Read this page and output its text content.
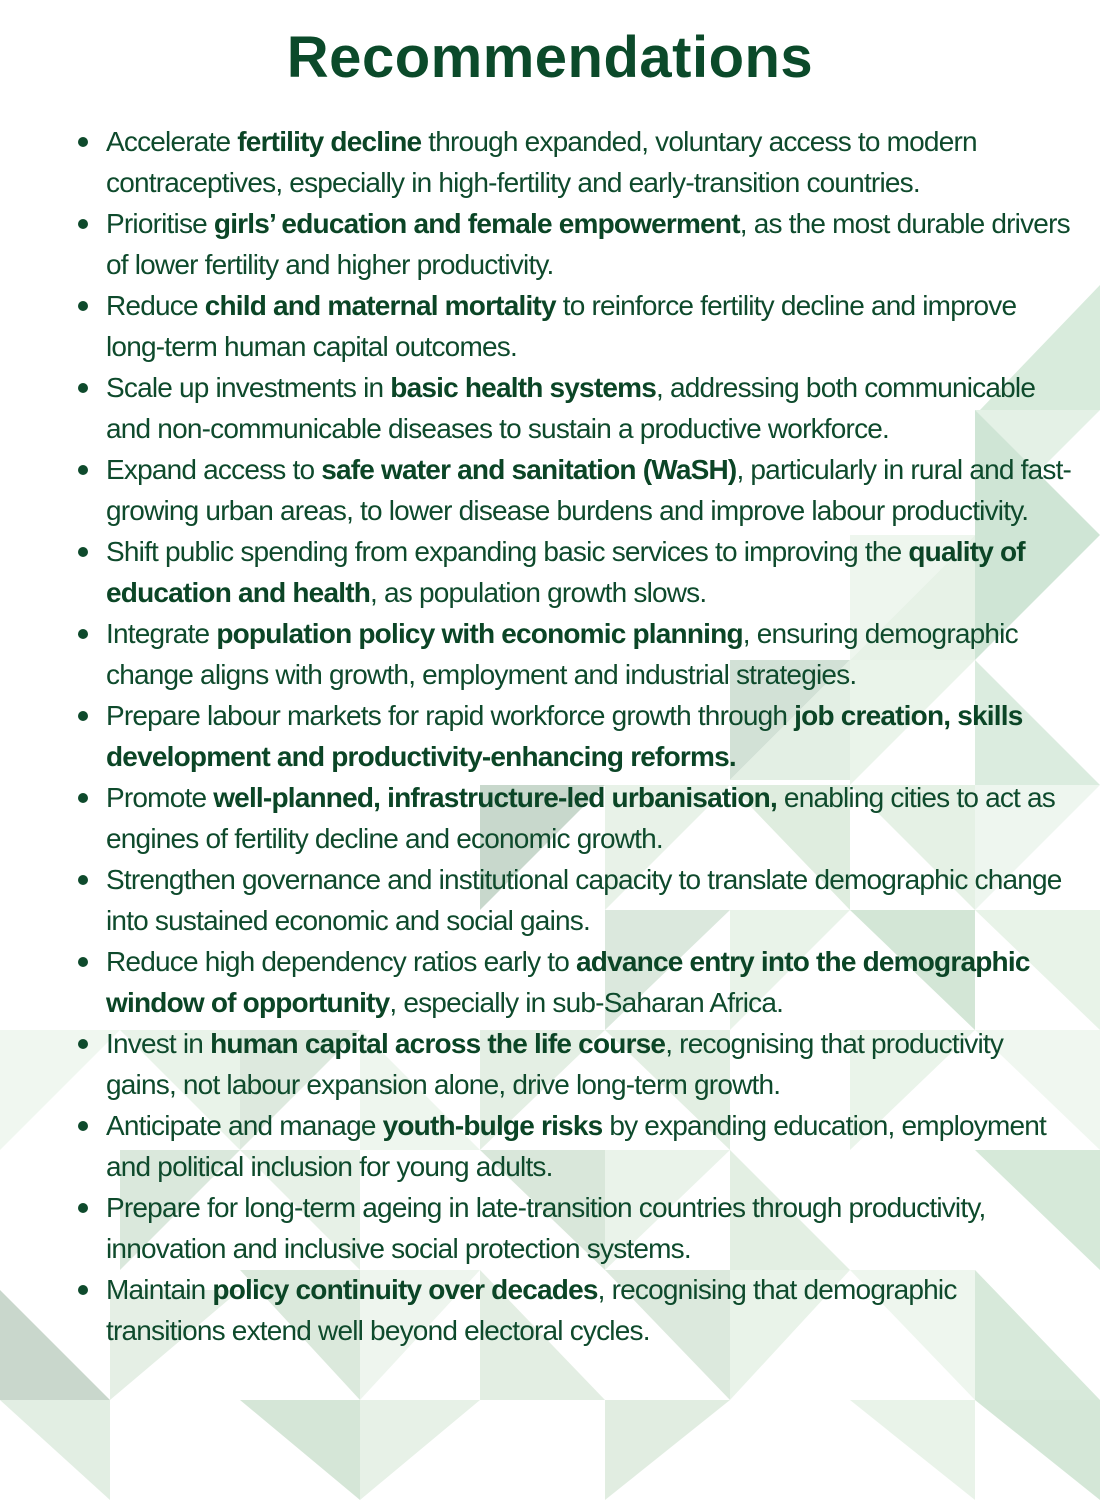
Recommendations
Accelerate fertility decline through expanded, voluntary access to modern contraceptives, especially in high-fertility and early-transition countries.
Prioritise girls’ education and female empowerment, as the most durable drivers of lower fertility and higher productivity.
Reduce child and maternal mortality to reinforce fertility decline and improve long-term human capital outcomes.
Scale up investments in basic health systems, addressing both communicable and non-communicable diseases to sustain a productive workforce.
Expand access to safe water and sanitation (WaSH), particularly in rural and fast-growing urban areas, to lower disease burdens and improve labour productivity.
Shift public spending from expanding basic services to improving the quality of education and health, as population growth slows.
Integrate population policy with economic planning, ensuring demographic change aligns with growth, employment and industrial strategies.
Prepare labour markets for rapid workforce growth through job creation, skills development and productivity-enhancing reforms.
Promote well-planned, infrastructure-led urbanisation, enabling cities to act as engines of fertility decline and economic growth.
Strengthen governance and institutional capacity to translate demographic change into sustained economic and social gains.
Reduce high dependency ratios early to advance entry into the demographic window of opportunity, especially in sub-Saharan Africa.
Invest in human capital across the life course, recognising that productivity gains, not labour expansion alone, drive long-term growth.
Anticipate and manage youth-bulge risks by expanding education, employment and political inclusion for young adults.
Prepare for long-term ageing in late-transition countries through productivity, innovation and inclusive social protection systems.
Maintain policy continuity over decades, recognising that demographic transitions extend well beyond electoral cycles.
